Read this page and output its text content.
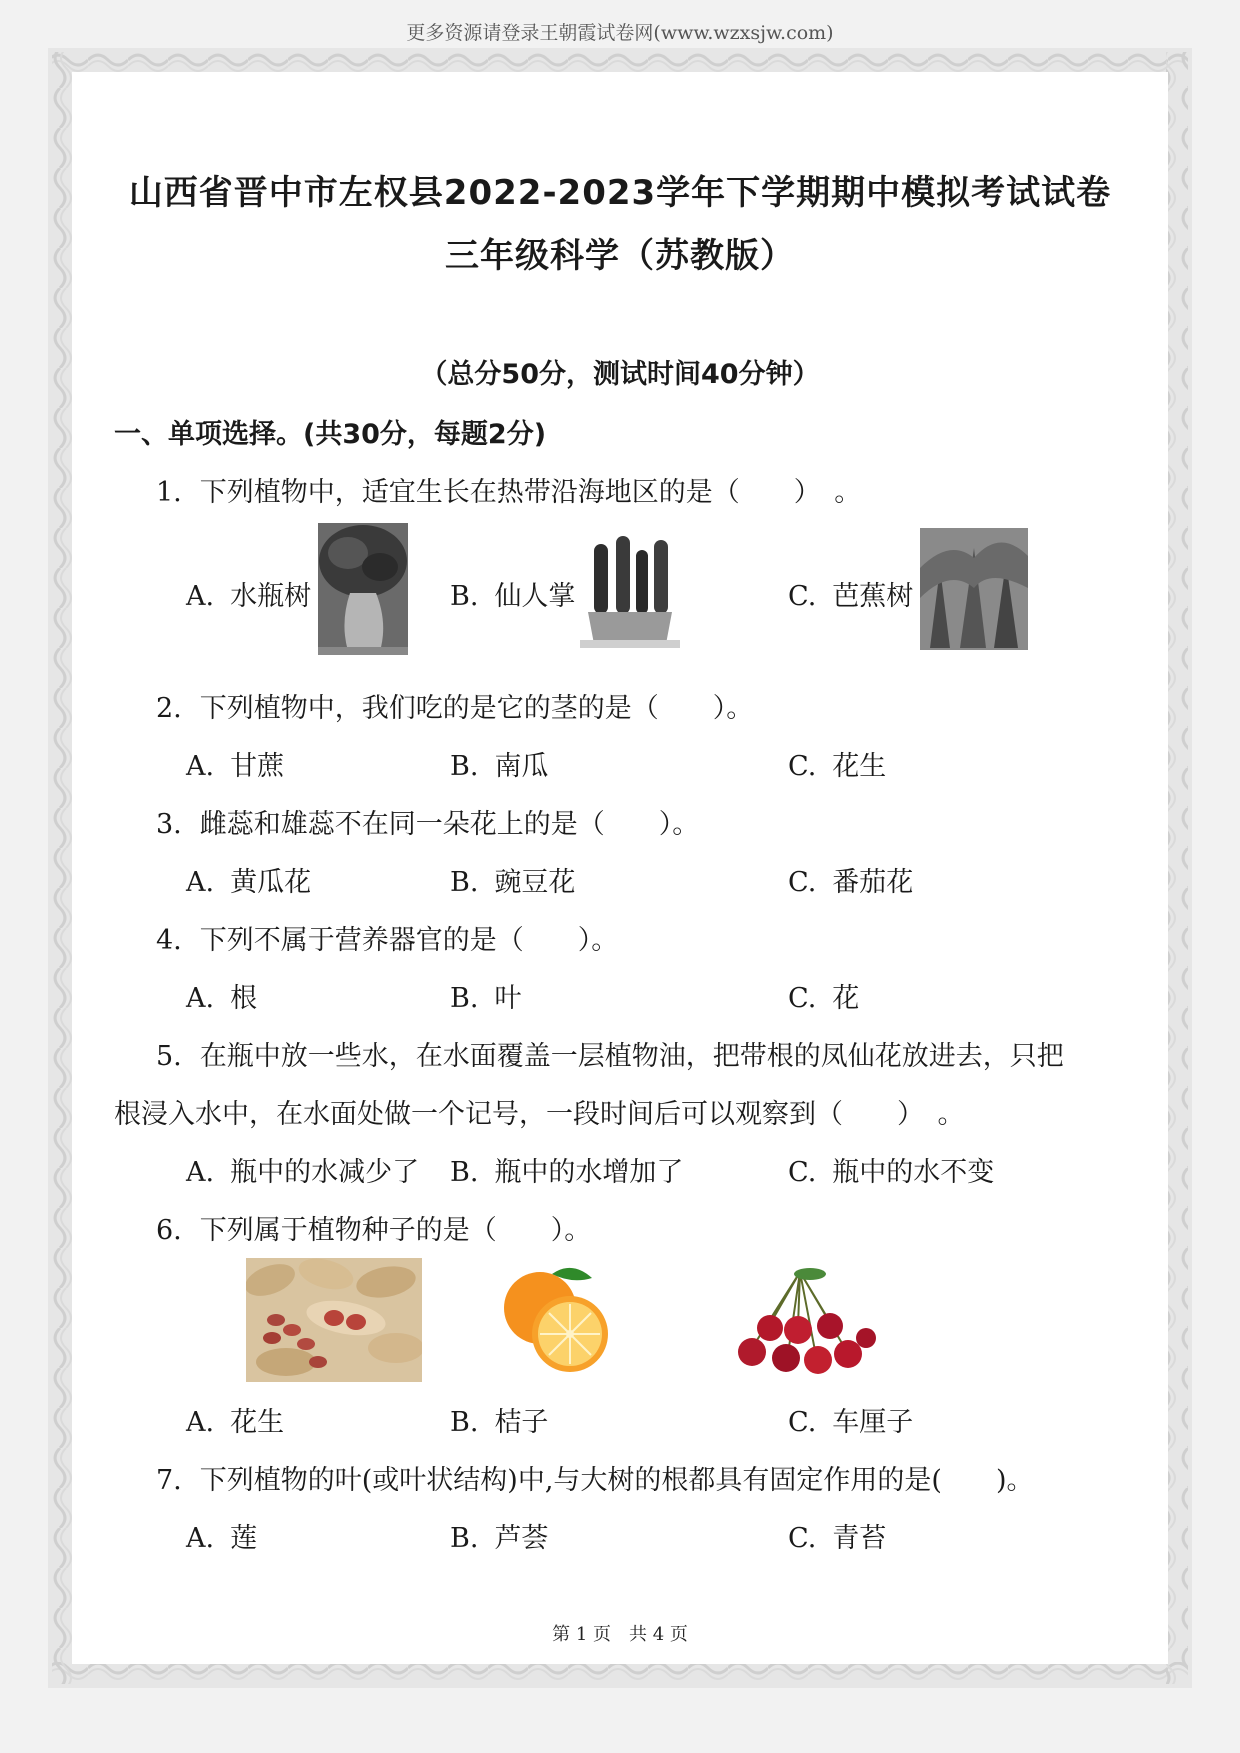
更多资源请登录王朝霞试卷网(www.wzxsjw.com)
山西省晋中市左权县2022-2023学年下学期期中模拟考试试卷
三年级科学（苏教版）
（总分50分，测试时间40分钟）
一、单项选择。(共30分，每题2分)
1. 下列植物中，适宜生长在热带沿海地区的是（　　）　。
A. 水瓶树	B. 仙人掌	C. 芭蕉树
2. 下列植物中，我们吃的是它的茎的是（　　）。
A. 甘蔗	B. 南瓜	C. 花生
3. 雌蕊和雄蕊不在同一朵花上的是（　　）。
A. 黄瓜花	B. 豌豆花	C. 番茄花
4. 下列不属于营养器官的是（　　）。
A. 根	B. 叶	C. 花
5. 在瓶中放一些水，在水面覆盖一层植物油，把带根的凤仙花放进去，只把
根浸入水中，在水面处做一个记号，一段时间后可以观察到（　　）　。
A. 瓶中的水减少了 B. 瓶中的水增加了	C. 瓶中的水不变
6. 下列属于植物种子的是（　　）。
A. 花生	B. 桔子	C. 车厘子
7. 下列植物的叶(或叶状结构)中,与大树的根都具有固定作用的是(　　)。
A. 莲	B. 芦荟	C. 青苔
第 1 页　共 4 页
